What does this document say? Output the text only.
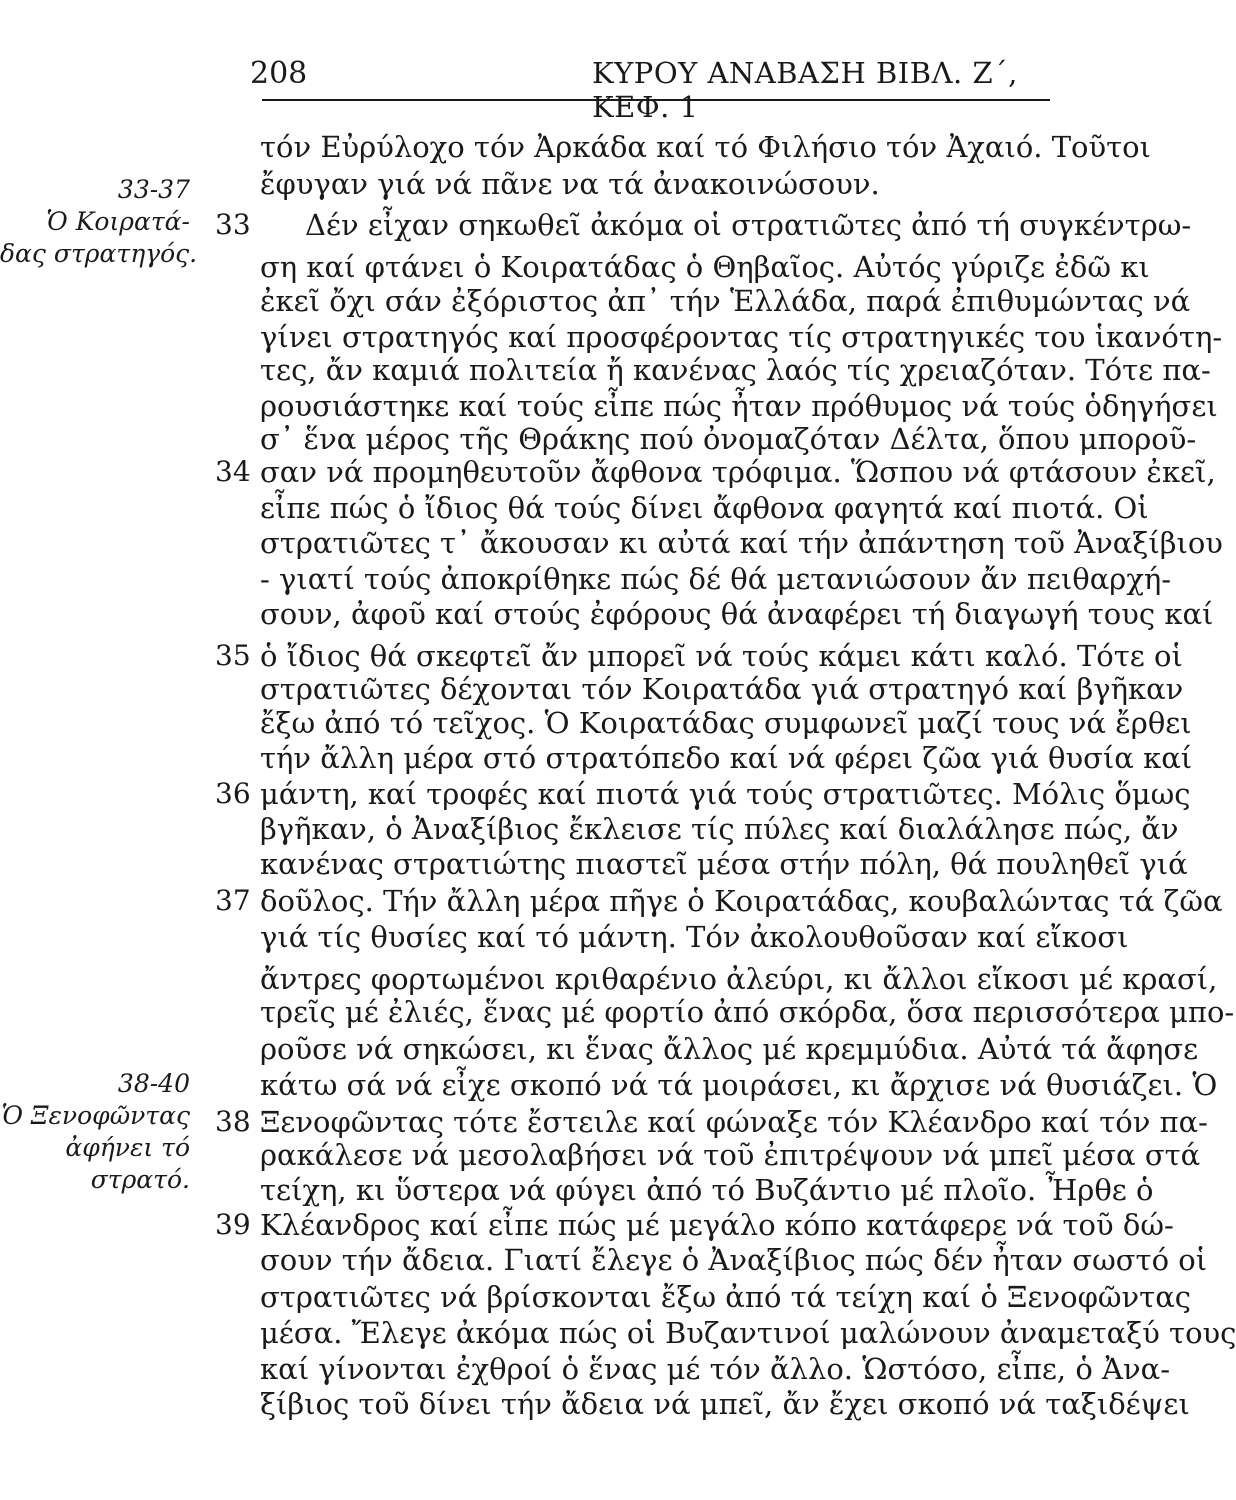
208	ΚΥΡΟΥ ΑΝΑΒΑΣΗ ΒΙΒΛ. Ζ΄, ΚΕΦ. 1
33-37
Ὁ Κοιρατά-
δας στρατηγός.
38-40
Ὁ Ξενοφῶντας
ἀφήνει τό
στρατό.
33
34
35
36
37
38
39
τόν Εὐρύλοχο τόν Ἀρκάδα καί τό Φιλήσιο τόν Ἀχαιό. Τοῦτοι
ἔφυγαν γιά νά πᾶνε να τά ἀνακοινώσουν.
Δέν εἶχαν σηκωθεῖ ἀκόμα οἱ στρατιῶτες ἀπό τή συγκέντρω-
ση καί φτάνει ὁ Κοιρατάδας ὁ Θηβαῖος. Αὐτός γύριζε ἐδῶ κι
ἐκεῖ ὄχι σάν ἐξόριστος ἀπ᾽ τήν Ἑλλάδα, παρά ἐπιθυμώντας νά
γίνει στρατηγός καί προσφέροντας τίς στρατηγικές του ἱκανότη-
τες, ἄν καμιά πολιτεία ἤ κανένας λαός τίς χρειαζόταν. Τότε πα-
ρουσιάστηκε καί τούς εἶπε πώς ἦταν πρόθυμος νά τούς ὁδηγήσει
σ᾽ ἕνα μέρος τῆς Θράκης πού ὀνομαζόταν Δέλτα, ὅπου μποροῦ-
σαν νά προμηθευτοῦν ἄφθονα τρόφιμα. Ὥσπου νά φτάσουν ἐκεῖ,
εἶπε πώς ὁ ἴδιος θά τούς δίνει ἄφθονα φαγητά καί πιοτά. Οἱ
στρατιῶτες τ᾽ ἄκουσαν κι αὐτά καί τήν ἀπάντηση τοῦ Ἀναξίβιου
- γιατί τούς ἀποκρίθηκε πώς δέ θά μετανιώσουν ἄν πειθαρχή-
σουν, ἀφοῦ καί στούς ἐφόρους θά ἀναφέρει τή διαγωγή τους καί
ὁ ἴδιος θά σκεφτεῖ ἄν μπορεῖ νά τούς κάμει κάτι καλό. Τότε οἱ
στρατιῶτες δέχονται τόν Κοιρατάδα γιά στρατηγό καί βγῆκαν
ἔξω ἀπό τό τεῖχος. Ὁ Κοιρατάδας συμφωνεῖ μαζί τους νά ἔρθει
τήν ἄλλη μέρα στό στρατόπεδο καί νά φέρει ζῶα γιά θυσία καί
μάντη, καί τροφές καί πιοτά γιά τούς στρατιῶτες. Μόλις ὅμως
βγῆκαν, ὁ Ἀναξίβιος ἔκλεισε τίς πύλες καί διαλάλησε πώς, ἄν
κανένας στρατιώτης πιαστεῖ μέσα στήν πόλη, θά πουληθεῖ γιά
δοῦλος. Τήν ἄλλη μέρα πῆγε ὁ Κοιρατάδας, κουβαλώντας τά ζῶα
γιά τίς θυσίες καί τό μάντη. Τόν ἀκολουθοῦσαν καί εἴκοσι
ἄντρες φορτωμένοι κριθαρένιο ἀλεύρι, κι ἄλλοι εἴκοσι μέ κρασί,
τρεῖς μέ ἐλιές, ἕνας μέ φορτίο ἀπό σκόρδα, ὅσα περισσότερα μπο-
ροῦσε νά σηκώσει, κι ἕνας ἄλλος μέ κρεμμύδια. Αὐτά τά ἄφησε
κάτω σά νά εἶχε σκοπό νά τά μοιράσει, κι ἄρχισε νά θυσιάζει. Ὁ
Ξενοφῶντας τότε ἔστειλε καί φώναξε τόν Κλέανδρο καί τόν πα-
ρακάλεσε νά μεσολαβήσει νά τοῦ ἐπιτρέψουν νά μπεῖ μέσα στά
τείχη, κι ὕστερα νά φύγει ἀπό τό Βυζάντιο μέ πλοῖο. Ἦρθε ὁ
Κλέανδρος καί εἶπε πώς μέ μεγάλο κόπο κατάφερε νά τοῦ δώ-
σουν τήν ἄδεια. Γιατί ἔλεγε ὁ Ἀναξίβιος πώς δέν ἦταν σωστό οἱ
στρατιῶτες νά βρίσκονται ἔξω ἀπό τά τείχη καί ὁ Ξενοφῶντας
μέσα. Ἔλεγε ἀκόμα πώς οἱ Βυζαντινοί μαλώνουν ἀναμεταξύ τους
καί γίνονται ἐχθροί ὁ ἕνας μέ τόν ἄλλο. Ὡστόσο, εἶπε, ὁ Ἀνα-
ξίβιος τοῦ δίνει τήν ἄδεια νά μπεῖ, ἄν ἔχει σκοπό νά ταξιδέψει
